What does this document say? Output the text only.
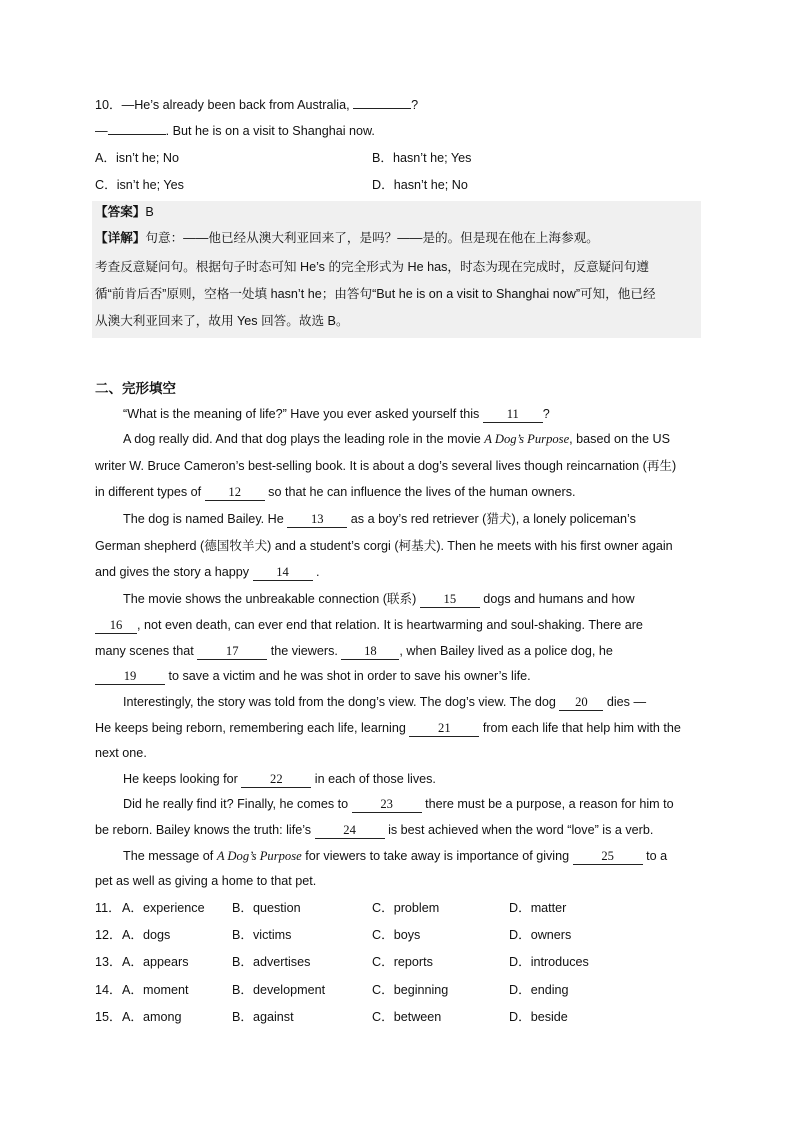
10．—He’s already been back from Australia,	?
—	. But he is on a visit to Shanghai now.
A．isn’t he; No	B．hasn’t he; Yes
C．isn’t he; Yes	D．hasn’t he; No
【答案】B
【详解】句意：——他已经从澳大利亚回来了，是吗？——是的。但是现在他在上海参观。
考查反意疑问句。根据句子时态可知 He’s 的完全形式为 He has，时态为现在完成时，反意疑问句遵
循“前肯后否”原则，空格一处填 hasn’t he；由答句“But he is on a visit to Shanghai now”可知，他已经
从澳大利亚回来了，故用 Yes 回答。故选 B。
二、完形填空
“What is the meaning of life?” Have you ever asked yourself this 11 ?
A dog really did. And that dog plays the leading role in the movie A Dog’s Purpose, based on the US
writer W. Bruce Cameron’s best-selling book. It is about a dog’s several lives though reincarnation (再生)
in different types of 12 so that he can influence the lives of the human owners.
The dog is named Bailey. He 13 as a boy’s red retriever (猎犬), a lonely policeman’s
German shepherd (德国牧羊犬) and a student’s corgi (柯基犬). Then he meets with his first owner again
and gives the story a happy 14 .
The movie shows the unbreakable connection (联系) 15 dogs and humans and how
16 , not even death, can ever end that relation. It is heartwarming and soul-shaking. There are
many scenes that 17 the viewers. 18 , when Bailey lived as a police dog, he
19 to save a victim and he was shot in order to save his owner’s life.
Interestingly, the story was told from the dong’s view. The dog’s view. The dog 20 dies —
He keeps being reborn, remembering each life, learning 21 from each life that help him with the
next one.
He keeps looking for 22 in each of those lives.
Did he really find it? Finally, he comes to 23 there must be a purpose, a reason for him to
be reborn. Bailey knows the truth: life’s 24 is best achieved when the word “love” is a verb.
The message of A Dog’s Purpose for viewers to take away is importance of giving 25 to a
pet as well as giving a home to that pet.
11． A．experience B．question	C．problem	D．matter
12． A．dogs	B．victims	C．boys	D．owners
13． A．appears	B．advertises	C．reports	D．introduces
14． A．moment	B．development	C．beginning	D．ending
15． A．among	B．against	C．between	D．beside
